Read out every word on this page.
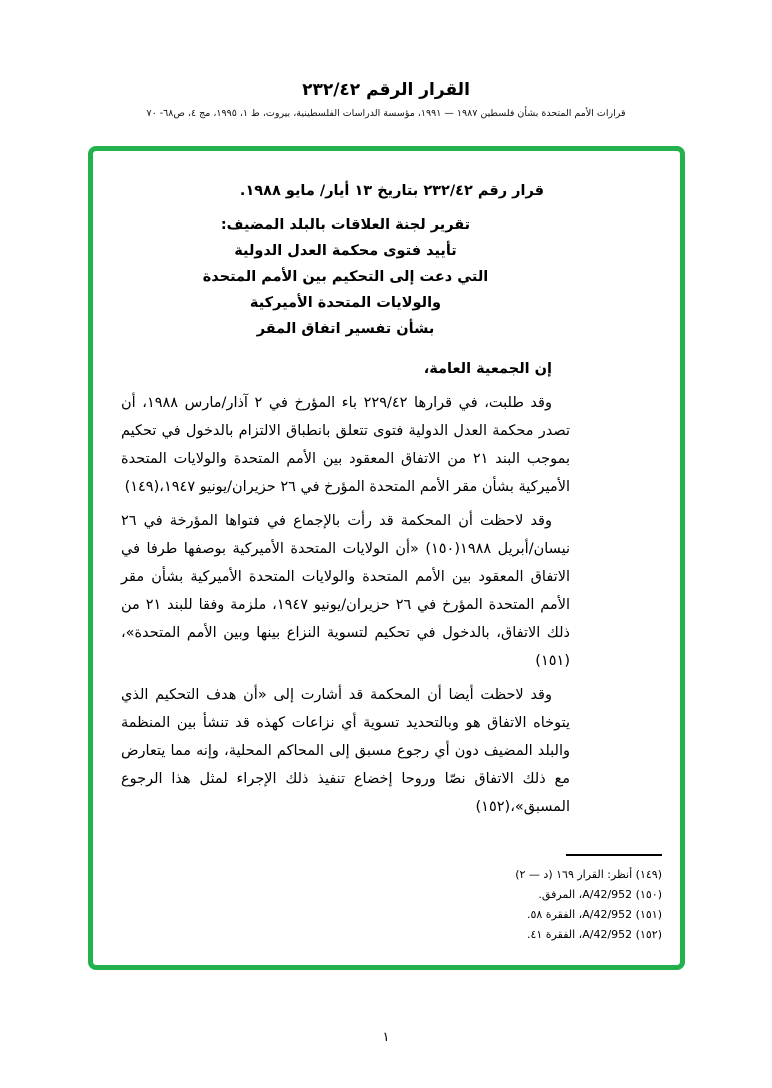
القرار الرقم ٢٣٢/٤٢
قرارات الأمم المتحدة بشأن فلسطين ١٩٨٧ — ١٩٩١، مؤسسة الدراسات الفلسطينية، بيروت، ط ١، ١٩٩٥، مج ٤، ص٦٨- ٧٠

قرار رقم ٢٣٢/٤٢ بتاريخ ١٣ أيار/ مايو ١٩٨٨.

تقرير لجنة العلاقات بالبلد المضيف:
تأييد فتوى محكمة العدل الدولية
التي دعت إلى التحكيم بين الأمم المتحدة
والولايات المتحدة الأميركية
بشأن تفسير اتفاق المقر

إن الجمعية العامة،

وقد طلبت، في قرارها ٢٢٩/٤٢ باء المؤرخ في ٢ آذار/مارس ١٩٨٨، أن تصدر محكمة العدل الدولية فتوى تتعلق بانطباق الالتزام بالدخول في تحكيم بموجب البند ٢١ من الاتفاق المعقود بين الأمم المتحدة والولايات المتحدة الأميركية بشأن مقر الأمم المتحدة المؤرخ في ٢٦ حزيران/يونيو ١٩٤٧،(١٤٩)

وقد لاحظت أن المحكمة قد رأت بالإجماع في فتواها المؤرخة في ٢٦ نيسان/أبريل ١٩٨٨(١٥٠) «أن الولايات المتحدة الأميركية بوصفها طرفا في الاتفاق المعقود بين الأمم المتحدة والولايات المتحدة الأميركية بشأن مقر الأمم المتحدة المؤرخ في ٢٦ حزيران/يونيو ١٩٤٧، ملزمة وفقا للبند ٢١ من ذلك الاتفاق، بالدخول في تحكيم لتسوية النزاع بينها وبين الأمم المتحدة»،(١٥١)

وقد لاحظت أيضا أن المحكمة قد أشارت إلى «أن هدف التحكيم الذي يتوخاه الاتفاق هو وبالتحديد تسوية أي نزاعات كهذه قد تنشأ بين المنظمة والبلد المضيف دون أي رجوع مسبق إلى المحاكم المحلية، وإنه مما يتعارض مع ذلك الاتفاق نصّا وروحا إخضاع تنفيذ ذلك الإجراء لمثل هذا الرجوع المسبق»،(١٥٢)

(١٤٩) أنظر: القرار ١٦٩ (د — ٢)
(١٥٠) A/42/952، المرفق.
(١٥١) A/42/952، الفقرة ٥٨.
(١٥٢) A/42/952، الفقرة ٤١.
١
